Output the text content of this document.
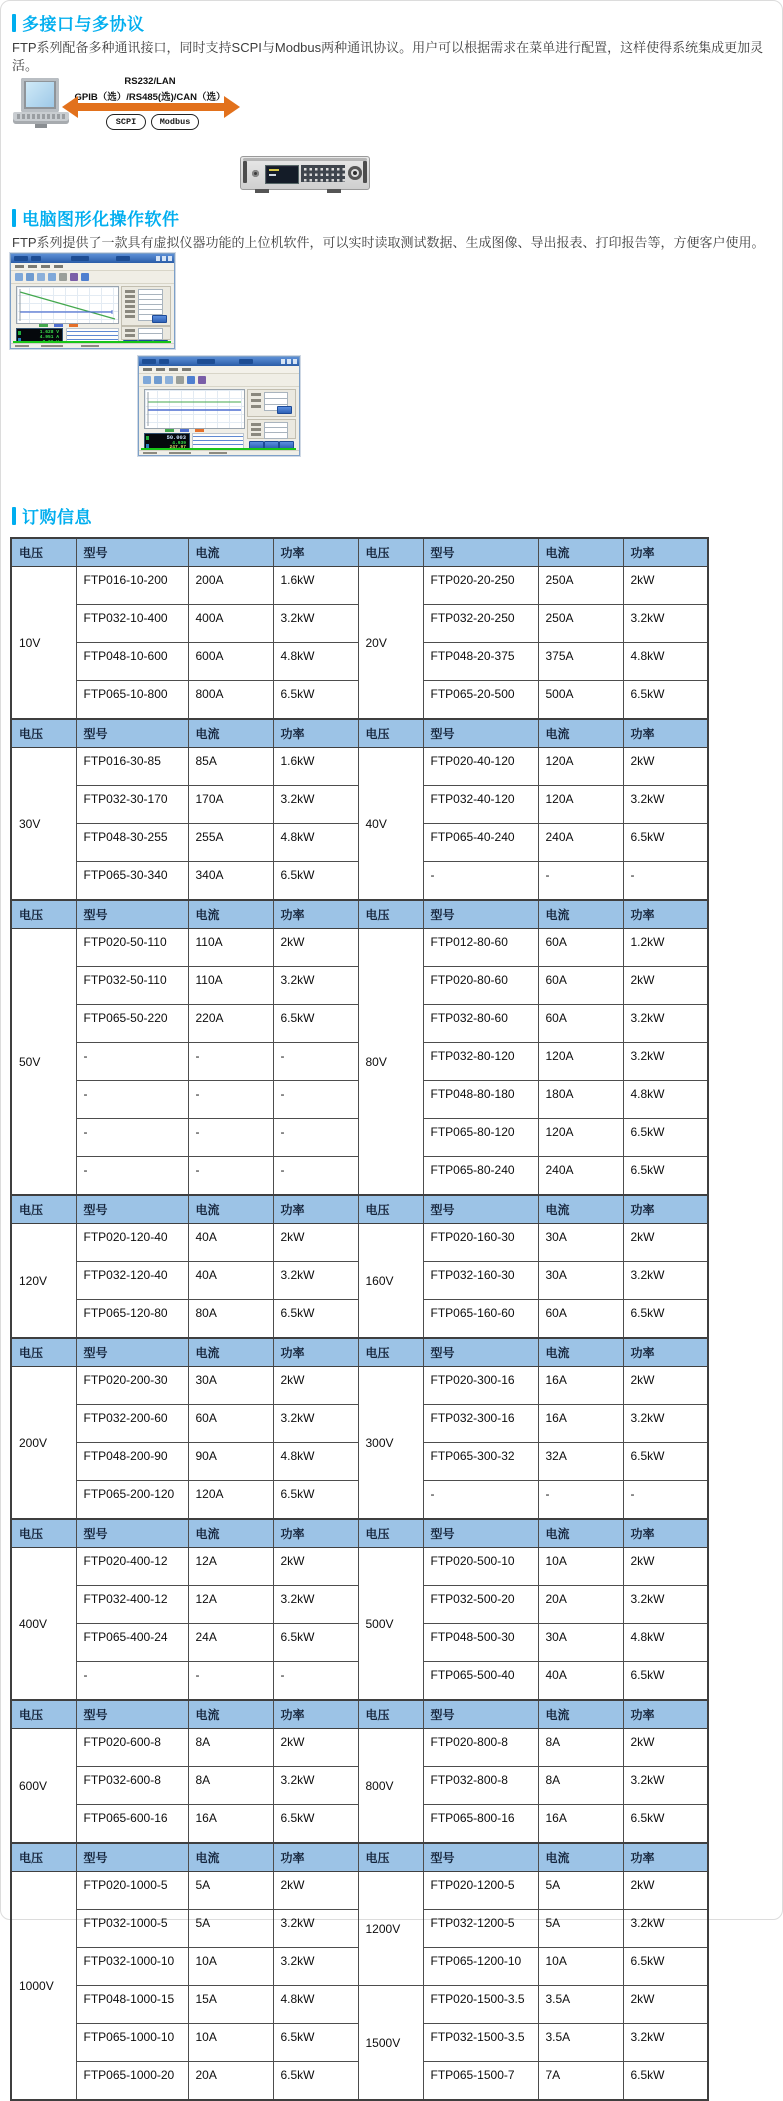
多接口与多协议
FTP系列配备多种通讯接口，同时支持SCPI与Modbus两种通讯协议。用户可以根据需求在菜单进行配置，这样使得系统集成更加灵活。
RS232/LAN
GPIB（选）/RS485(选)/CAN（选）
SCPI	Modbus
电脑图形化操作软件
FTP系列提供了一款具有虚拟仪器功能的上位机软件，可以实时读取测试数据、生成图像、导出报表、打印报告等，方便客户使用。
1.628 V
4.951 A
50.003
4.939
订购信息
电压	型号	电流	功率	电压	型号	电流	功率
10V	FTP016-10-200	200A	1.6kW	20V	FTP020-20-250	250A	2kW
	FTP032-10-400	400A	3.2kW		FTP032-20-250	250A	3.2kW
	FTP048-10-600	600A	4.8kW		FTP048-20-375	375A	4.8kW
	FTP065-10-800	800A	6.5kW		FTP065-20-500	500A	6.5kW
电压	型号	电流	功率	电压	型号	电流	功率
30V	FTP016-30-85	85A	1.6kW	40V	FTP020-40-120	120A	2kW
	FTP032-30-170	170A	3.2kW		FTP032-40-120	120A	3.2kW
	FTP048-30-255	255A	4.8kW		FTP065-40-240	240A	6.5kW
	FTP065-30-340	340A	6.5kW		-	-	-
电压	型号	电流	功率	电压	型号	电流	功率
50V	FTP020-50-110	110A	2kW	80V	FTP012-80-60	60A	1.2kW
	FTP032-50-110	110A	3.2kW		FTP020-80-60	60A	2kW
	FTP065-50-220	220A	6.5kW		FTP032-80-60	60A	3.2kW
	-	-	-		FTP032-80-120	120A	3.2kW
	-	-	-		FTP048-80-180	180A	4.8kW
	-	-	-		FTP065-80-120	120A	6.5kW
	-	-	-		FTP065-80-240	240A	6.5kW
电压	型号	电流	功率	电压	型号	电流	功率
120V	FTP020-120-40	40A	2kW	160V	FTP020-160-30	30A	2kW
	FTP032-120-40	40A	3.2kW		FTP032-160-30	30A	3.2kW
	FTP065-120-80	80A	6.5kW		FTP065-160-60	60A	6.5kW
电压	型号	电流	功率	电压	型号	电流	功率
200V	FTP020-200-30	30A	2kW	300V	FTP020-300-16	16A	2kW
	FTP032-200-60	60A	3.2kW		FTP032-300-16	16A	3.2kW
	FTP048-200-90	90A	4.8kW		FTP065-300-32	32A	6.5kW
	FTP065-200-120	120A	6.5kW		-	-	-
电压	型号	电流	功率	电压	型号	电流	功率
400V	FTP020-400-12	12A	2kW	500V	FTP020-500-10	10A	2kW
	FTP032-400-12	12A	3.2kW		FTP032-500-20	20A	3.2kW
	FTP065-400-24	24A	6.5kW		FTP048-500-30	30A	4.8kW
	-	-	-		FTP065-500-40	40A	6.5kW
电压	型号	电流	功率	电压	型号	电流	功率
600V	FTP020-600-8	8A	2kW	800V	FTP020-800-8	8A	2kW
	FTP032-600-8	8A	3.2kW		FTP032-800-8	8A	3.2kW
	FTP065-600-16	16A	6.5kW		FTP065-800-16	16A	6.5kW
电压	型号	电流	功率	电压	型号	电流	功率
1000V	FTP020-1000-5	5A	2kW	1200V	FTP020-1200-5	5A	2kW
	FTP032-1000-5	5A	3.2kW		FTP032-1200-5	5A	3.2kW
	FTP032-1000-10	10A	3.2kW		FTP065-1200-10	10A	6.5kW
	FTP048-1000-15	15A	4.8kW	1500V	FTP020-1500-3.5	3.5A	2kW
	FTP065-1000-10	10A	6.5kW		FTP032-1500-3.5	3.5A	3.2kW
	FTP065-1000-20	20A	6.5kW		FTP065-1500-7	7A	6.5kW
